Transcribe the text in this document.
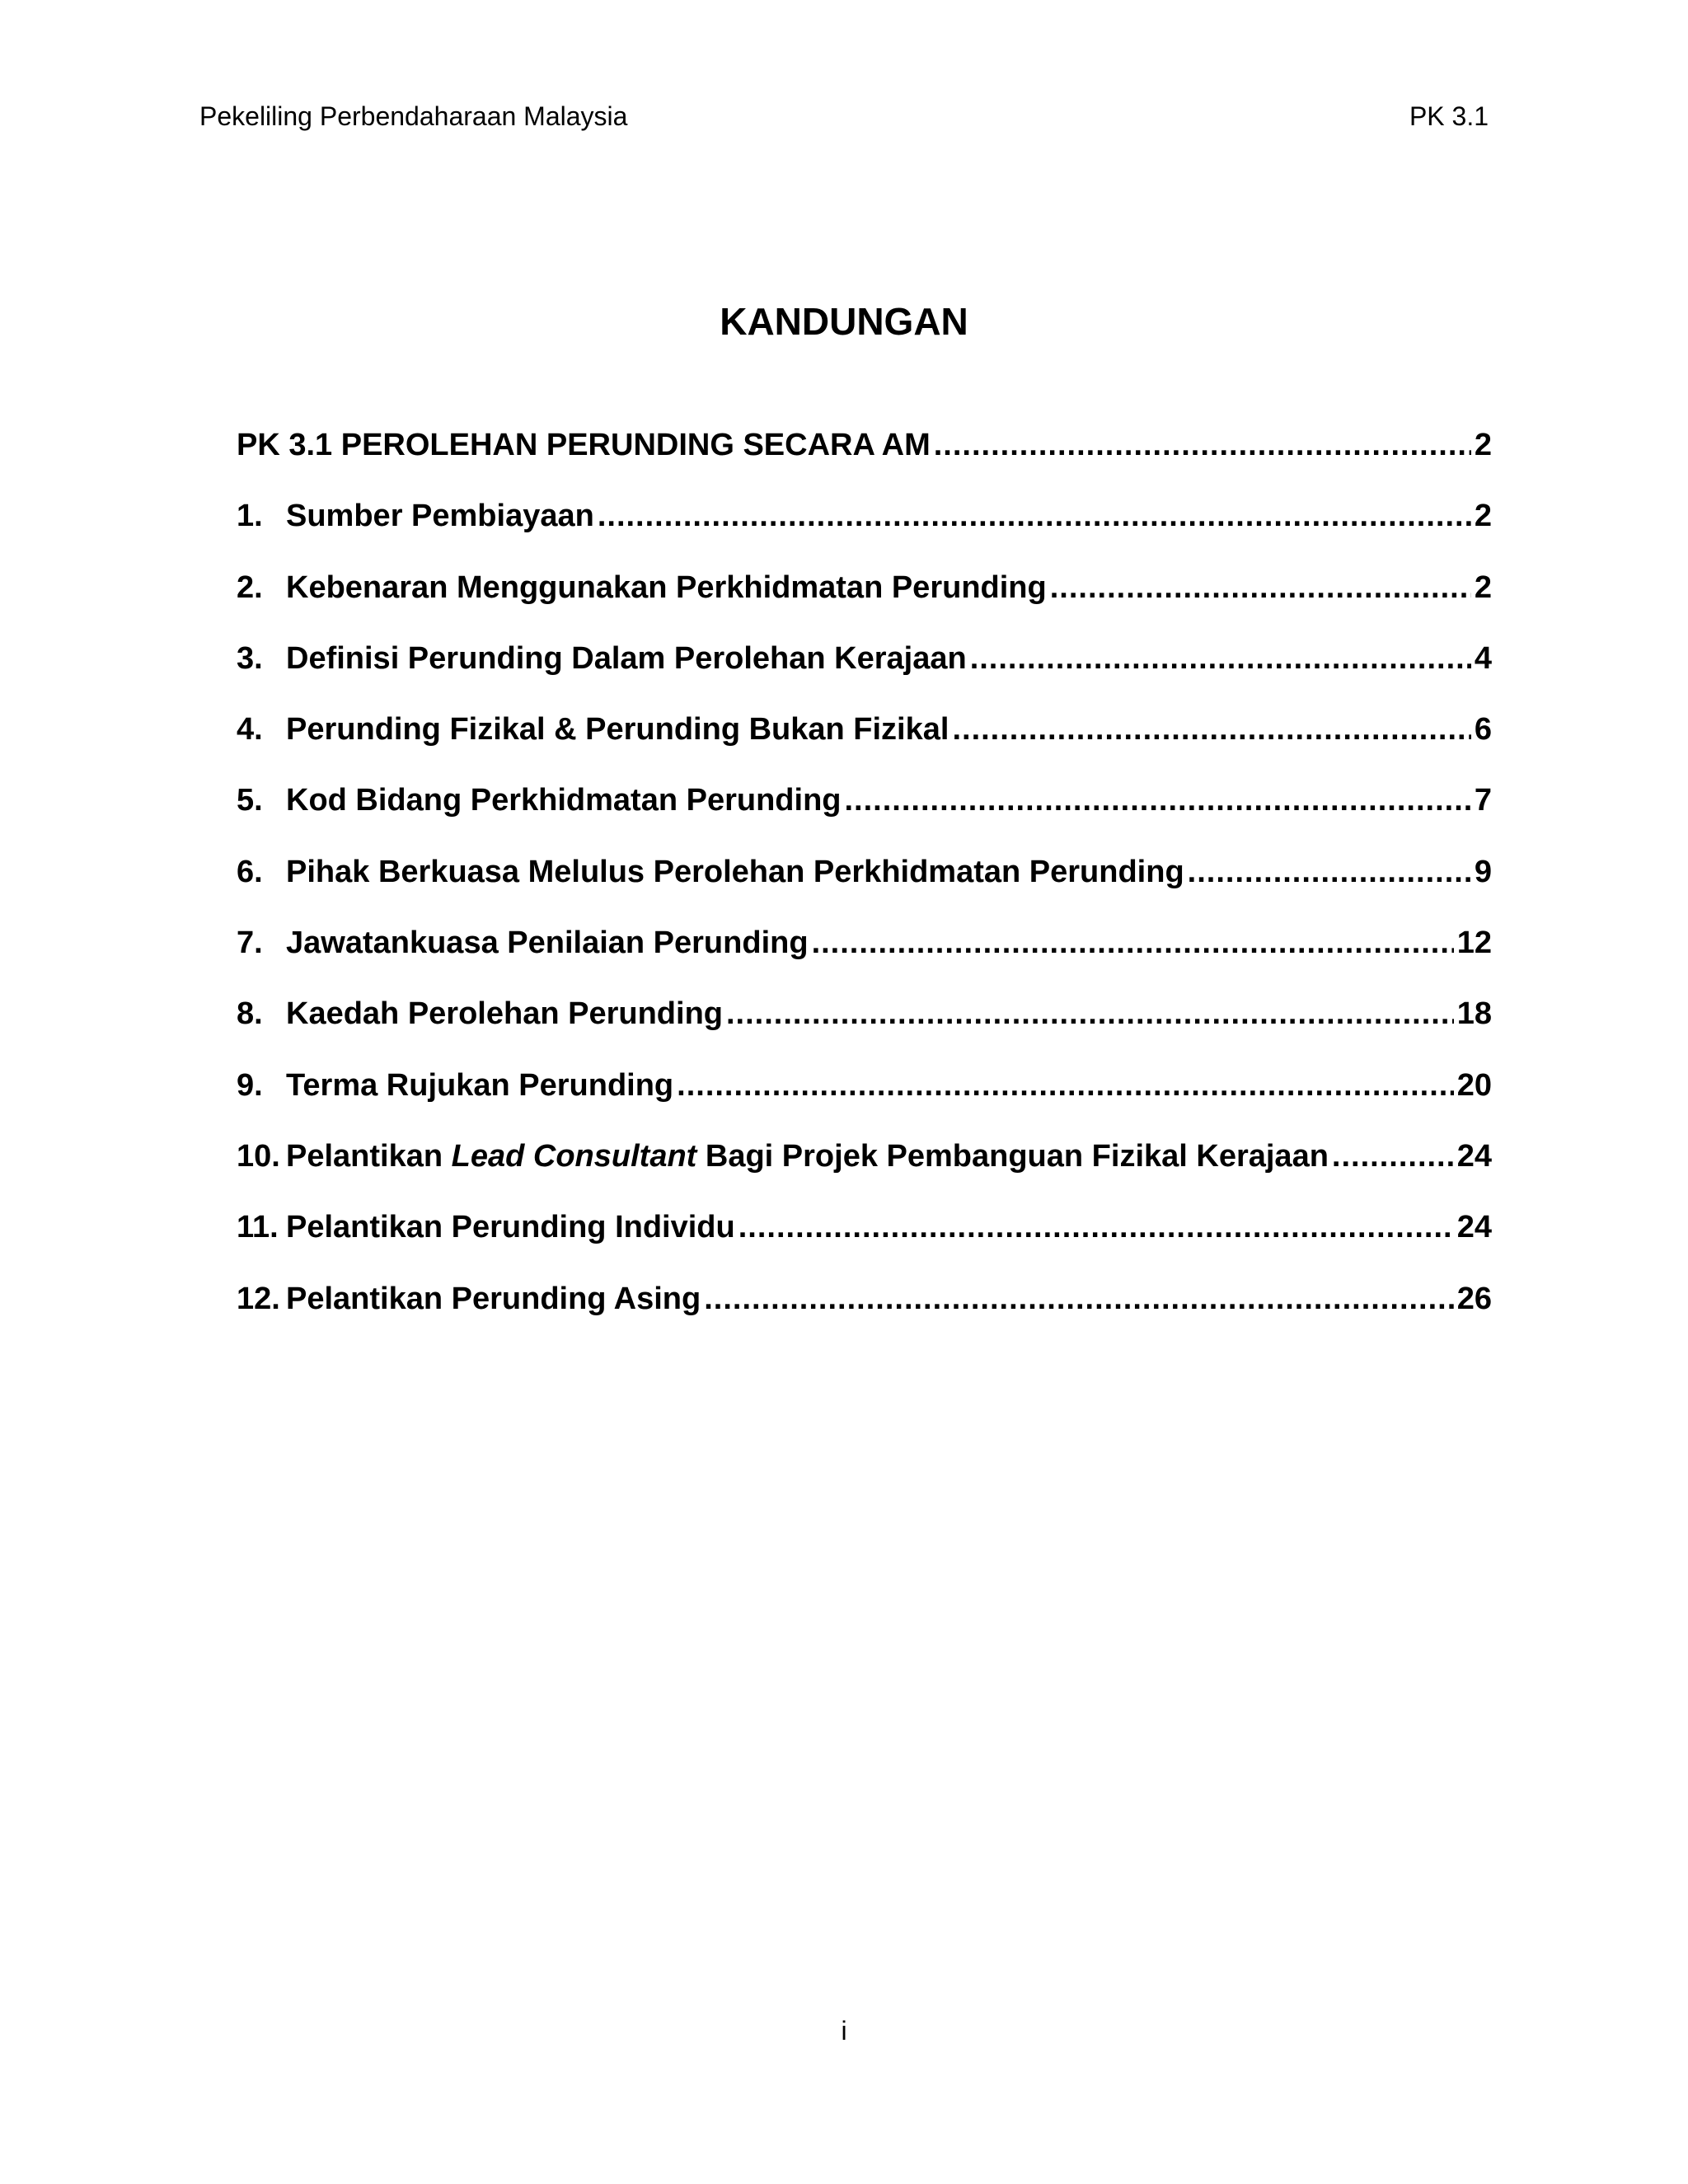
Pekeliling Perbendaharaan Malaysia	PK 3.1
KANDUNGAN
PK 3.1 PEROLEHAN PERUNDING SECARA AM .....	2
1. Sumber Pembiayaan .....	2
2. Kebenaran Menggunakan Perkhidmatan Perunding .....	2
3. Definisi Perunding Dalam Perolehan Kerajaan .....	4
4. Perunding Fizikal & Perunding Bukan Fizikal .....	6
5. Kod Bidang Perkhidmatan Perunding .....	7
6. Pihak Berkuasa Melulus Perolehan Perkhidmatan Perunding .....	9
7. Jawatankuasa Penilaian Perunding .....	12
8. Kaedah Perolehan Perunding .....	18
9. Terma Rujukan Perunding .....	20
10. Pelantikan Lead Consultant Bagi Projek Pembanguan Fizikal Kerajaan .....	24
11. Pelantikan Perunding Individu .....	24
12. Pelantikan Perunding Asing .....	26
i
